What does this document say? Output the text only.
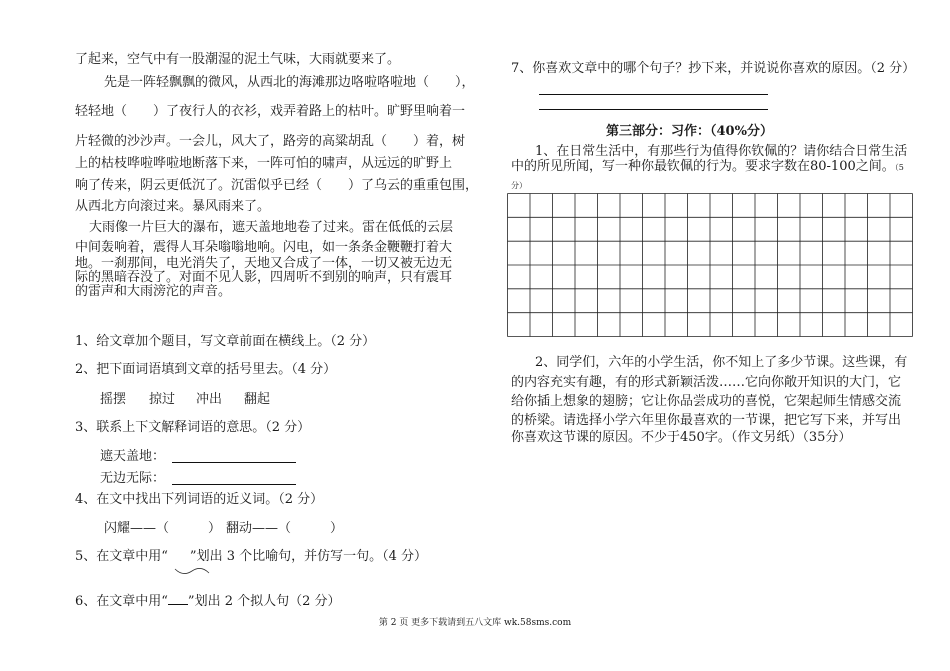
了起来，空气中有一股潮湿的泥土气味，大雨就要来了。
先是一阵轻飘飘的微风，从西北的海滩那边咯啦咯啦地（　　），
轻轻地（　　）了夜行人的衣衫，戏弄着路上的枯叶。旷野里响着一
片轻微的沙沙声。一会儿，风大了，路旁的高粱胡乱（　　）着，树
上的枯枝哗啦哗啦地断落下来，一阵可怕的啸声，从远远的旷野上
响了传来，阴云更低沉了。沉雷似乎已经（　　）了乌云的重重包围，
从西北方向滚过来。暴风雨来了。
大雨像一片巨大的瀑布，遮天盖地地卷了过来。雷在低低的云层
中间轰响着，震得人耳朵嗡嗡地响。闪电，如一条条金鞭鞭打着大
地。一刹那间，电光消失了，天地又合成了一体，一切又被无边无
际的黑暗吞没了。对面不见人影，四周听不到别的响声，只有震耳
的雷声和大雨滂沱的声音。
1、给文章加个题目，写文章前面在横线上。（2 分）
2、把下面词语填到文章的括号里去。（4 分）
摇摆 掠过 冲出 翻起
3、联系上下文解释词语的意思。（2 分）
遮天盖地：
无边无际：
4、在文中找出下列词语的近义词。（2 分）
闪耀——（　　　） 翻动——（　　　）
5、在文章中用“ ”划出 3 个比喻句，并仿写一句。（4 分）
6、在文章中用“ ”划出 2 个拟人句（2 分）
7、你喜欢文章中的哪个句子？抄下来，并说说你喜欢的原因。（2 分）
第三部分：习作：（40%分）
1、在日常生活中，有那些行为值得你钦佩的？请你结合日常生活
中的所见所闻，写一种你最钦佩的行为。要求字数在80-100之间。（5
分）
2、同学们，六年的小学生活，你不知上了多少节课。这些课，有
的内容充实有趣，有的形式新颖活泼……它向你敞开知识的大门，它
给你插上想象的翅膀；它让你品尝成功的喜悦，它架起师生情感交流
的桥梁。请选择小学六年里你最喜欢的一节课，把它写下来，并写出
你喜欢这节课的原因。不少于450字。（作文另纸）（35分）
第 2 页 更多下载请到五八文库 wk.58sms.com
